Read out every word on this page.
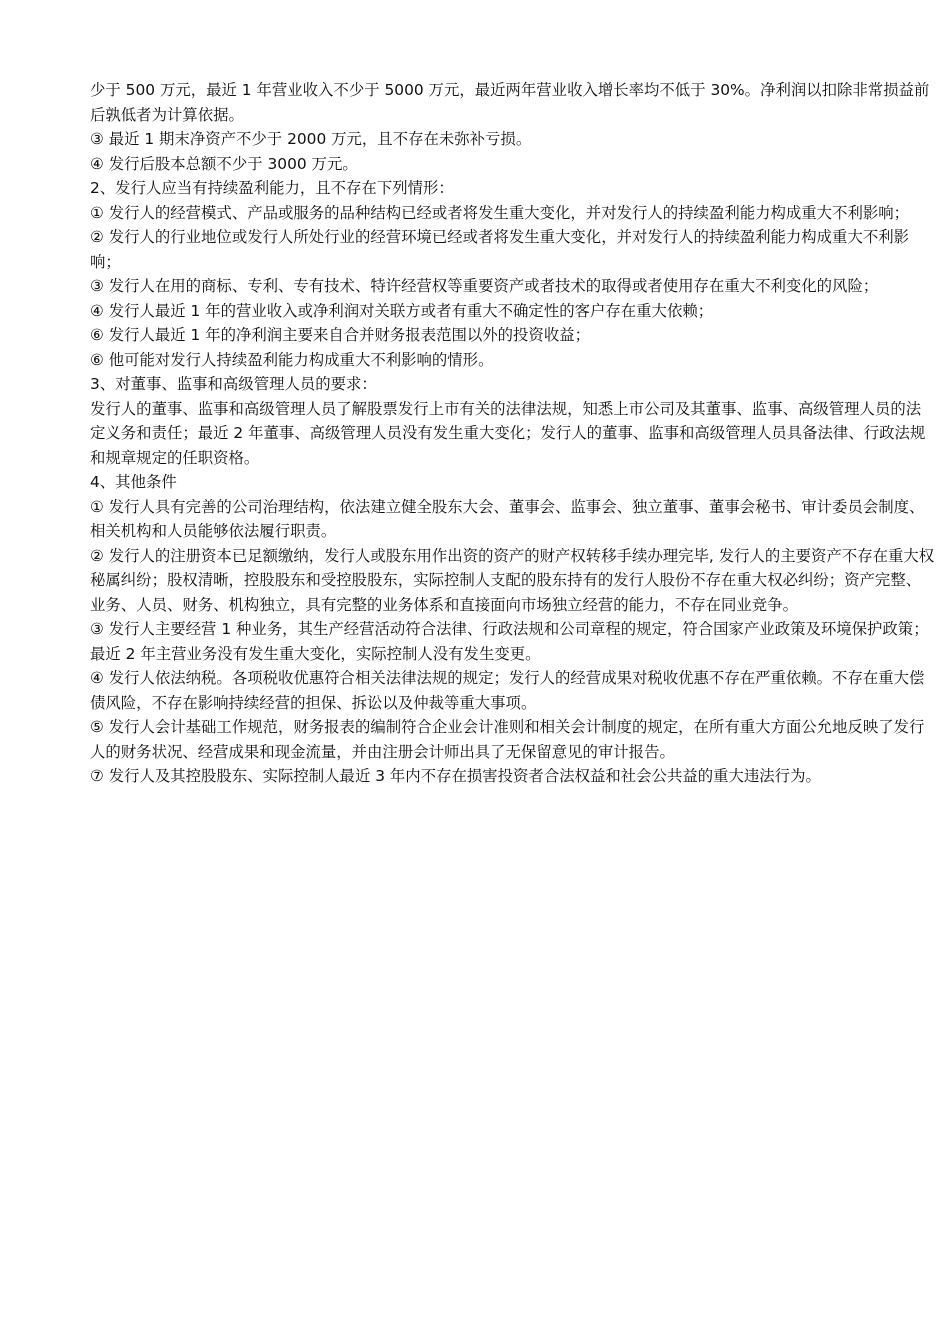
少于 500 万元，最近 1 年营业收入不少于 5000 万元，最近两年营业收入增长率均不低于 30%。净利润以扣除非常损益前后孰低者为计算依据。

③ 最近 1 期末净资产不少于 2000 万元，且不存在未弥补亏损。

④ 发行后股本总额不少于 3000 万元。

2、发行人应当有持续盈利能力，且不存在下列情形：

① 发行人的经营模式、产品或服务的品种结构已经或者将发生重大变化，并对发行人的持续盈利能力构成重大不利影响；

② 发行人的行业地位或发行人所处行业的经营环境已经或者将发生重大变化，并对发行人的持续盈利能力构成重大不利影响；

③ 发行人在用的商标、专利、专有技术、特许经营权等重要资产或者技术的取得或者使用存在重大不利变化的风险；

④ 发行人最近 1 年的营业收入或净利润对关联方或者有重大不确定性的客户存在重大依赖；

⑥ 发行人最近 1 年的净利润主要来自合并财务报表范围以外的投资收益；

⑥ 他可能对发行人持续盈利能力构成重大不利影响的情形。

3、对董事、监事和高级管理人员的要求：

发行人的董事、监事和高级管理人员了解股票发行上市有关的法律法规，知悉上市公司及其董事、监事、高级管理人员的法定义务和责任；最近 2 年董事、高级管理人员没有发生重大变化；发行人的董事、监事和高级管理人员具备法律、行政法规和规章规定的任职资格。

4、其他条件

① 发行人具有完善的公司治理结构，依法建立健全股东大会、董事会、监事会、独立董事、董事会秘书、审计委员会制度、相关机构和人员能够依法履行职责。

② 发行人的注册资本已足额缴纳，发行人或股东用作出资的资产的财产权转移手续办理完毕, 发行人的主要资产不存在重大权秘属纠纷；股权清晰，控股股东和受控股股东，实际控制人支配的股东持有的发行人股份不存在重大权必纠纷；资产完整、业务、人员、财务、机构独立，具有完整的业务体系和直接面向市场独立经营的能力，不存在同业竞争。

③ 发行人主要经营 1 种业务，其生产经营活动符合法律、行政法规和公司章程的规定，符合国家产业政策及环境保护政策；最近 2 年主营业务没有发生重大变化，实际控制人没有发生变更。

④ 发行人依法纳税。各项税收优惠符合相关法律法规的规定；发行人的经营成果对税收优惠不存在严重依赖。不存在重大偿债风险，不存在影响持续经营的担保、拆讼以及仲裁等重大事项。

⑤ 发行人会计基础工作规范，财务报表的编制符合企业会计准则和相关会计制度的规定，在所有重大方面公允地反映了发行人的财务状况、经营成果和现金流量，并由注册会计师出具了无保留意见的审计报告。

⑦ 发行人及其控股股东、实际控制人最近 3 年内不存在损害投资者合法权益和社会公共益的重大违法行为。
